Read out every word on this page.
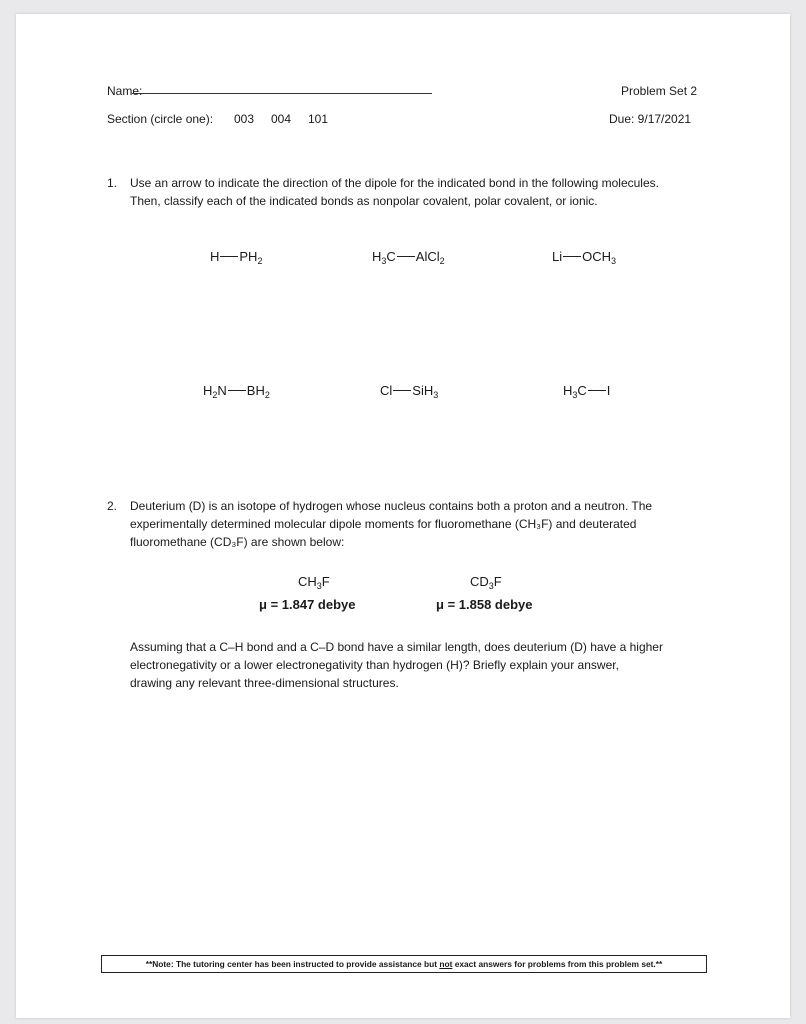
Name:	Problem Set 2
Section (circle one): 003 004 101	Due: 9/17/2021
1. Use an arrow to indicate the direction of the dipole for the indicated bond in the following molecules.
Then, classify each of the indicated bonds as nonpolar covalent, polar covalent, or ionic.
H $PH_2$	$H_3C$ AlCl$_2$	Li $OCH_3$
$H_2N$ $BH_2$	Cl SiH$_3$	$H_3C$ I
2. Deuterium (D) is an isotope of hydrogen whose nucleus contains both a proton and a neutron. The
experimentally determined molecular dipole moments for fluoromethane (CH₃F) and deuterated
fluoromethane (CD₃F) are shown below:
$CH_3F$
μ = 1.847 debye
$CD_3F$
μ = 1.858 debye
Assuming that a C–H bond and a C–D bond have a similar length, does deuterium (D) have a higher
electronegativity or a lower electronegativity than hydrogen (H)? Briefly explain your answer,
drawing any relevant three-dimensional structures.
**Note: The tutoring center has been instructed to provide assistance but not exact answers for problems from this problem set.**
